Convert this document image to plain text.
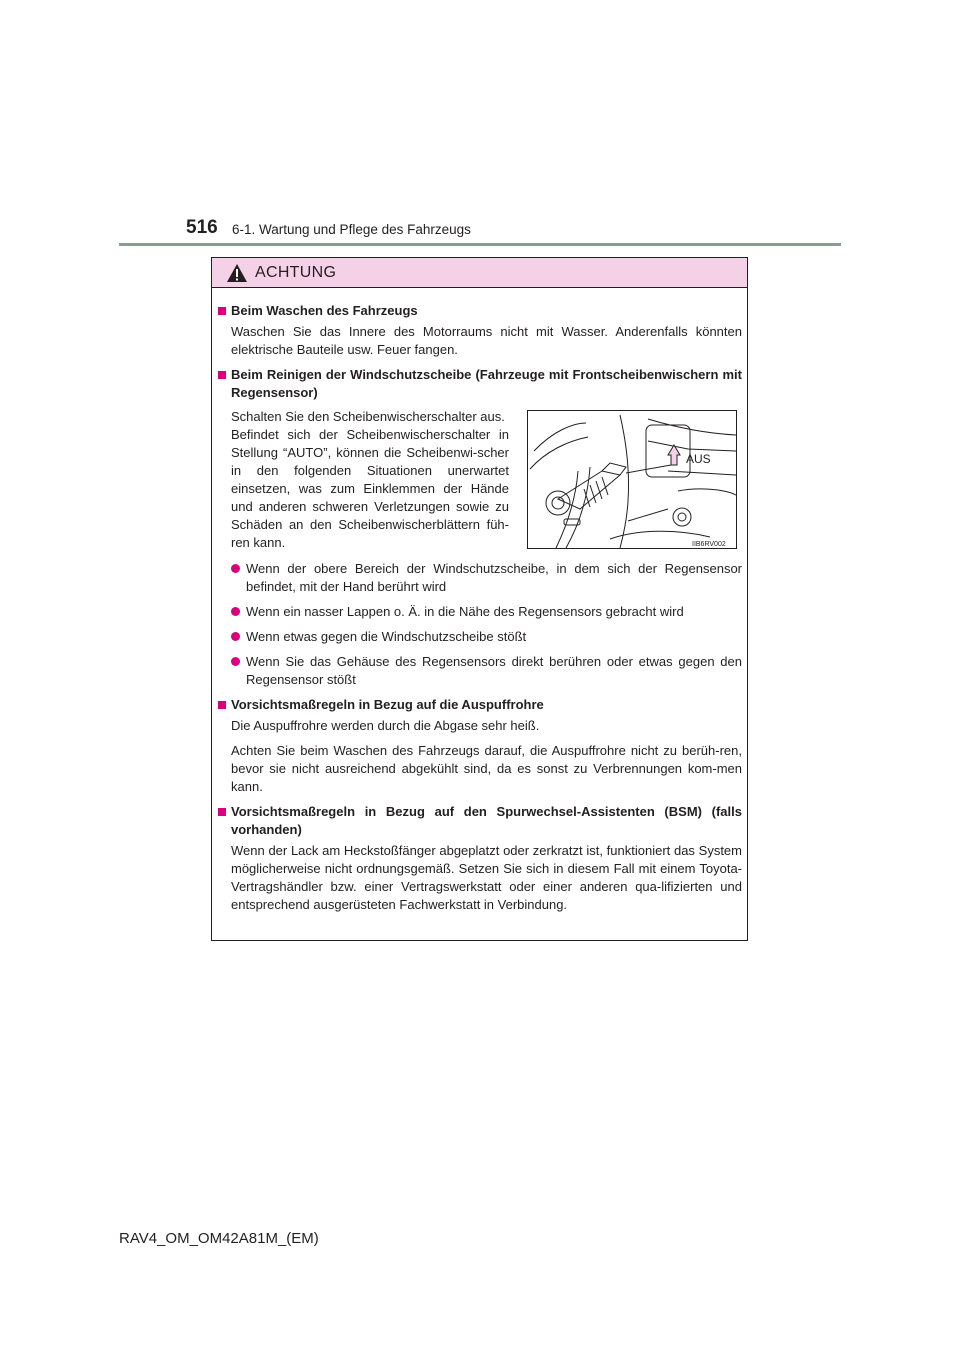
516 6-1. Wartung und Pflege des Fahrzeugs
ACHTUNG
Beim Waschen des Fahrzeugs
Waschen Sie das Innere des Motorraums nicht mit Wasser. Anderenfalls könnten elektrische Bauteile usw. Feuer fangen.
Beim Reinigen der Windschutzscheibe (Fahrzeuge mit Frontscheibenwischern mit Regensensor)
Schalten Sie den Scheibenwischerschalter aus.
Befindet sich der Scheibenwischerschalter in Stellung “AUTO”, können die Scheibenwi-scher in den folgenden Situationen unerwartet einsetzen, was zum Einklemmen der Hände und anderen schweren Verletzungen sowie zu Schäden an den Scheibenwischerblättern füh-ren kann.
AUS
IIB6RV002
Wenn der obere Bereich der Windschutzscheibe, in dem sich der Regensensor befindet, mit der Hand berührt wird
Wenn ein nasser Lappen o. Ä. in die Nähe des Regensensors gebracht wird
Wenn etwas gegen die Windschutzscheibe stößt
Wenn Sie das Gehäuse des Regensensors direkt berühren oder etwas gegen den Regensensor stößt
Vorsichtsmaßregeln in Bezug auf die Auspuffrohre
Die Auspuffrohre werden durch die Abgase sehr heiß.
Achten Sie beim Waschen des Fahrzeugs darauf, die Auspuffrohre nicht zu berüh-ren, bevor sie nicht ausreichend abgekühlt sind, da es sonst zu Verbrennungen kom-men kann.
Vorsichtsmaßregeln in Bezug auf den Spurwechsel-Assistenten (BSM) (falls vorhanden)
Wenn der Lack am Heckstoßfänger abgeplatzt oder zerkratzt ist, funktioniert das System möglicherweise nicht ordnungsgemäß. Setzen Sie sich in diesem Fall mit einem Toyota-Vertragshändler bzw. einer Vertragswerkstatt oder einer anderen qua-lifizierten und entsprechend ausgerüsteten Fachwerkstatt in Verbindung.
RAV4_OM_OM42A81M_(EM)
